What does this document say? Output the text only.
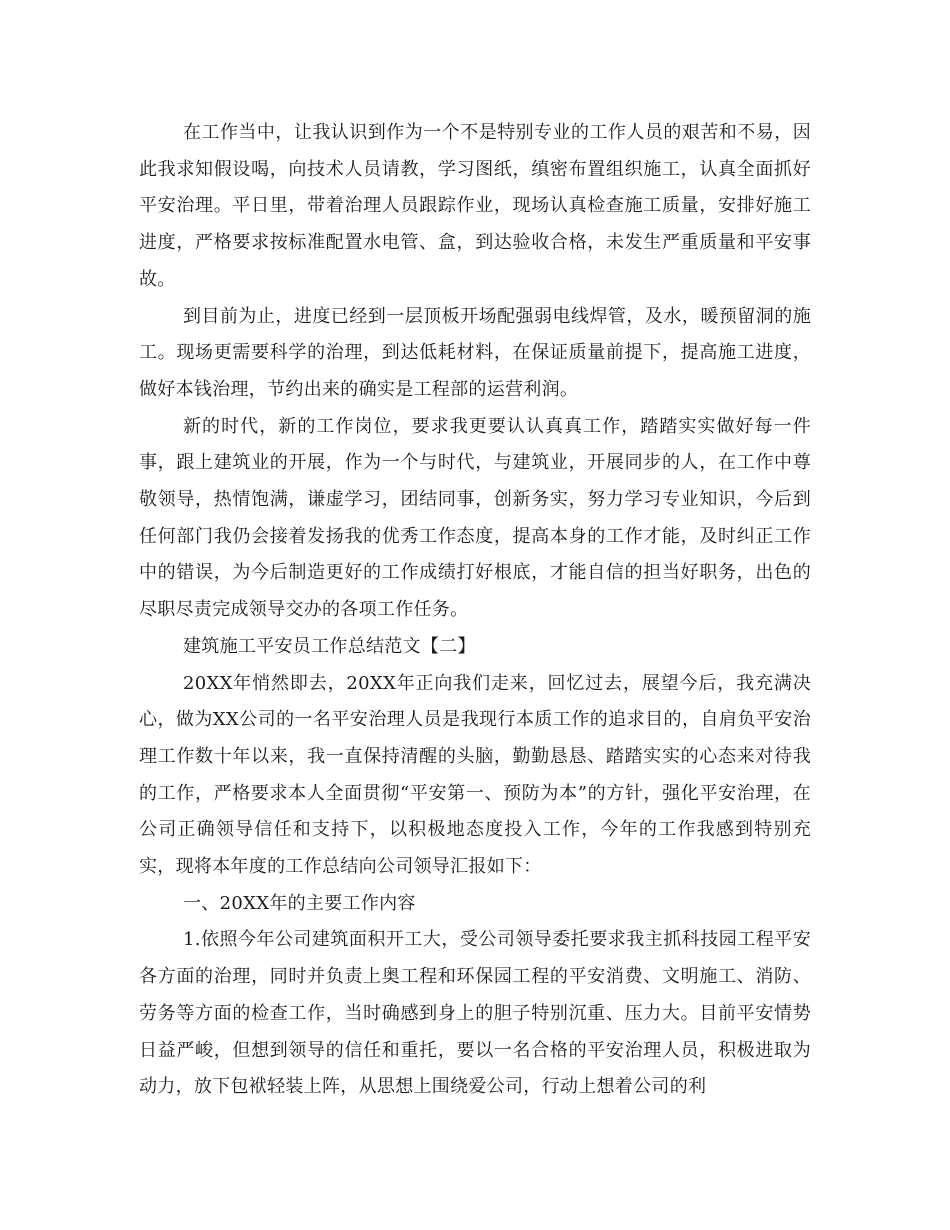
在工作当中，让我认识到作为一个不是特别专业的工作人员的艰苦和不易，因此我求知假设喝，向技术人员请教，学习图纸，缜密布置组织施工，认真全面抓好平安治理。平日里，带着治理人员跟踪作业，现场认真检查施工质量，安排好施工进度，严格要求按标准配置水电管、盒，到达验收合格，未发生严重质量和平安事故。

到目前为止，进度已经到一层顶板开场配强弱电线焊管，及水，暖预留洞的施工。现场更需要科学的治理，到达低耗材料，在保证质量前提下，提高施工进度，做好本钱治理，节约出来的确实是工程部的运营利润。

新的时代，新的工作岗位，要求我更要认认真真工作，踏踏实实做好每一件事，跟上建筑业的开展，作为一个与时代，与建筑业，开展同步的人，在工作中尊敬领导，热情饱满，谦虚学习，团结同事，创新务实，努力学习专业知识，今后到任何部门我仍会接着发扬我的优秀工作态度，提高本身的工作才能，及时纠正工作中的错误，为今后制造更好的工作成绩打好根底，才能自信的担当好职务，出色的尽职尽责完成领导交办的各项工作任务。

建筑施工平安员工作总结范文【二】

20XX年悄然即去，20XX年正向我们走来，回忆过去，展望今后，我充满决心，做为XX公司的一名平安治理人员是我现行本质工作的追求目的，自肩负平安治理工作数十年以来，我一直保持清醒的头脑，勤勤恳恳、踏踏实实的心态来对待我的工作，严格要求本人全面贯彻“平安第一、预防为本”的方针，强化平安治理，在公司正确领导信任和支持下，以积极地态度投入工作，今年的工作我感到特别充实，现将本年度的工作总结向公司领导汇报如下：

一、20XX年的主要工作内容

1.依照今年公司建筑面积开工大，受公司领导委托要求我主抓科技园工程平安各方面的治理，同时并负责上奥工程和环保园工程的平安消费、文明施工、消防、劳务等方面的检查工作，当时确感到身上的胆子特别沉重、压力大。目前平安情势日益严峻，但想到领导的信任和重托，要以一名合格的平安治理人员，积极进取为动力，放下包袱轻装上阵，从思想上围绕爱公司，行动上想着公司的利
